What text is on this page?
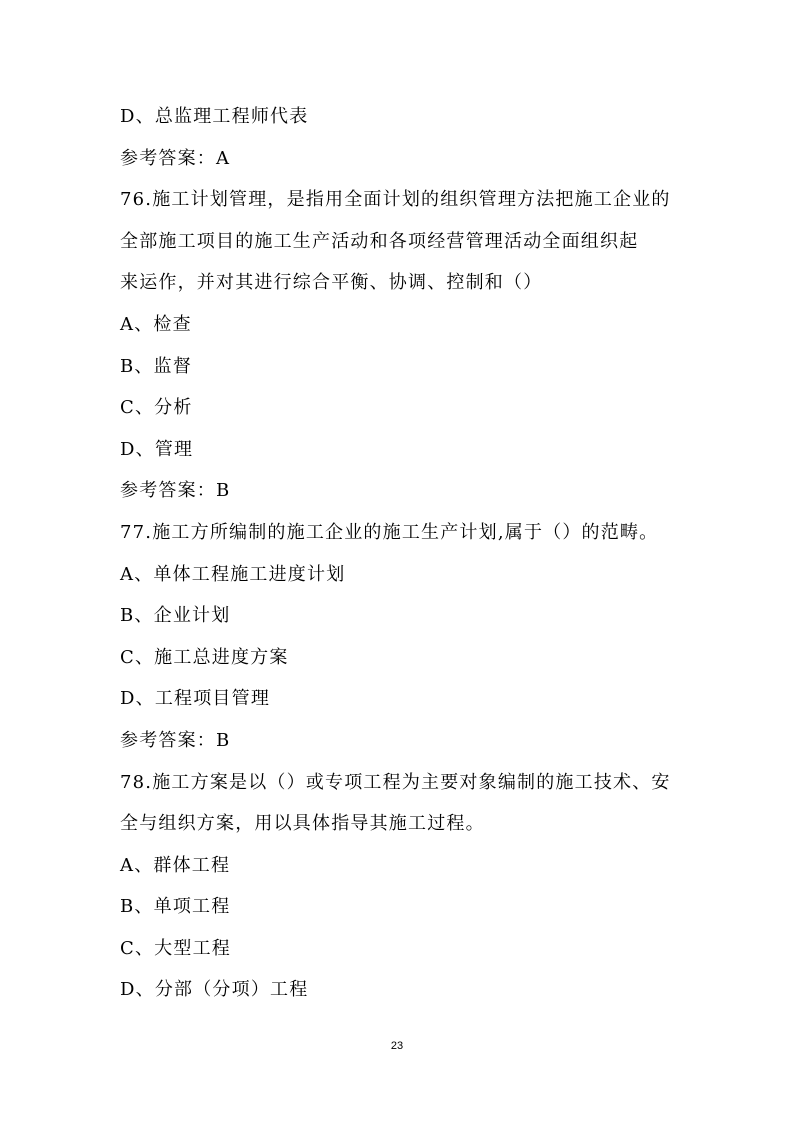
D、总监理工程师代表
参考答案：A
76.施工计划管理，是指用全面计划的组织管理方法把施工企业的
全部施工项目的施工生产活动和各项经营管理活动全面组织起
来运作，并对其进行综合平衡、协调、控制和（）
A、检查
B、监督
C、分析
D、管理
参考答案：B
77.施工方所编制的施工企业的施工生产计划,属于（）的范畴。
A、单体工程施工进度计划
B、企业计划
C、施工总进度方案
D、工程项目管理
参考答案：B
78.施工方案是以（）或专项工程为主要对象编制的施工技术、安
全与组织方案，用以具体指导其施工过程。
A、群体工程
B、单项工程
C、大型工程
D、分部（分项）工程
23
